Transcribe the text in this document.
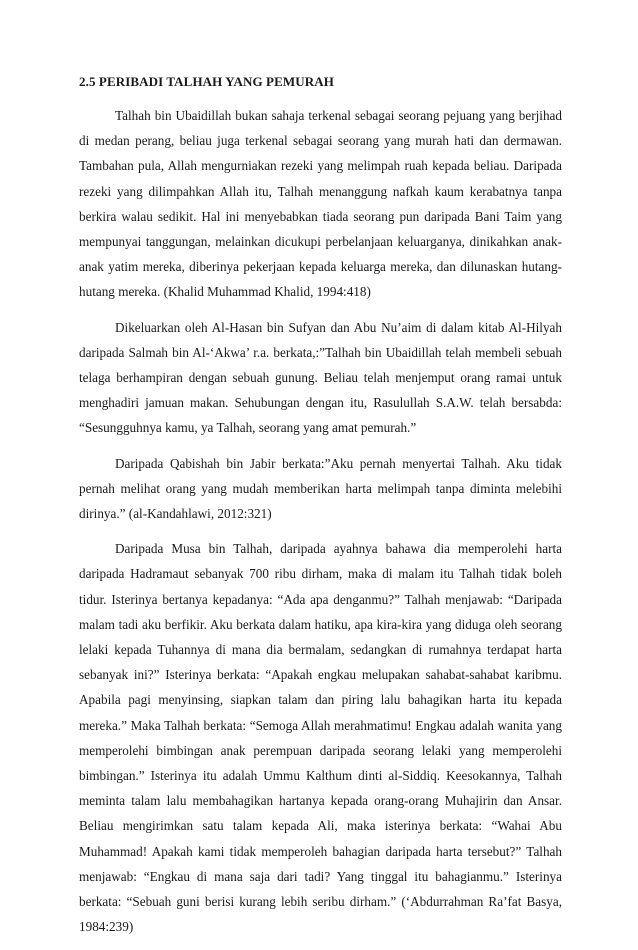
2.5 PERIBADI TALHAH YANG PEMURAH

Talhah bin Ubaidillah bukan sahaja terkenal sebagai seorang pejuang yang berjihad di medan perang, beliau juga terkenal sebagai seorang yang murah hati dan dermawan. Tambahan pula, Allah mengurniakan rezeki yang melimpah ruah kepada beliau. Daripada rezeki yang dilimpahkan Allah itu, Talhah menanggung nafkah kaum kerabatnya tanpa berkira walau sedikit. Hal ini menyebabkan tiada seorang pun daripada Bani Taim yang mempunyai tanggungan, melainkan dicukupi perbelanjaan keluarganya, dinikahkan anak-anak yatim mereka, diberinya pekerjaan kepada keluarga mereka, dan dilunaskan hutang-hutang mereka. (Khalid Muhammad Khalid, 1994:418)

Dikeluarkan oleh Al-Hasan bin Sufyan dan Abu Nu’aim di dalam kitab Al-Hilyah daripada Salmah bin Al-‘Akwa’ r.a. berkata,:”Talhah bin Ubaidillah telah membeli sebuah telaga berhampiran dengan sebuah gunung. Beliau telah menjemput orang ramai untuk menghadiri jamuan makan. Sehubungan dengan itu, Rasulullah S.A.W. telah bersabda: “Sesungguhnya kamu, ya Talhah, seorang yang amat pemurah.”

Daripada Qabishah bin Jabir berkata:”Aku pernah menyertai Talhah. Aku tidak pernah melihat orang yang mudah memberikan harta melimpah tanpa diminta melebihi dirinya.” (al-Kandahlawi, 2012:321)

Daripada Musa bin Talhah, daripada ayahnya bahawa dia memperolehi harta daripada Hadramaut sebanyak 700 ribu dirham, maka di malam itu Talhah tidak boleh tidur. Isterinya bertanya kepadanya: “Ada apa denganmu?” Talhah menjawab: “Daripada malam tadi aku berfikir. Aku berkata dalam hatiku, apa kira-kira yang diduga oleh seorang lelaki kepada Tuhannya di mana dia bermalam, sedangkan di rumahnya terdapat harta sebanyak ini?” Isterinya berkata: “Apakah engkau melupakan sahabat-sahabat karibmu. Apabila pagi menyinsing, siapkan talam dan piring lalu bahagikan harta itu kepada mereka.” Maka Talhah berkata: “Semoga Allah merahmatimu! Engkau adalah wanita yang memperolehi bimbingan anak perempuan daripada seorang lelaki yang memperolehi bimbingan.” Isterinya itu adalah Ummu Kalthum dinti al-Siddiq. Keesokannya, Talhah meminta talam lalu membahagikan hartanya kepada orang-orang Muhajirin dan Ansar. Beliau mengirimkan satu talam kepada Ali, maka isterinya berkata: “Wahai Abu Muhammad! Apakah kami tidak memperoleh bahagian daripada harta tersebut?” Talhah menjawab: “Engkau di mana saja dari tadi? Yang tinggal itu bahagianmu.” Isterinya berkata: “Sebuah guni berisi kurang lebih seribu dirham.” (‘Abdurrahman Ra’fat Basya, 1984:239)
